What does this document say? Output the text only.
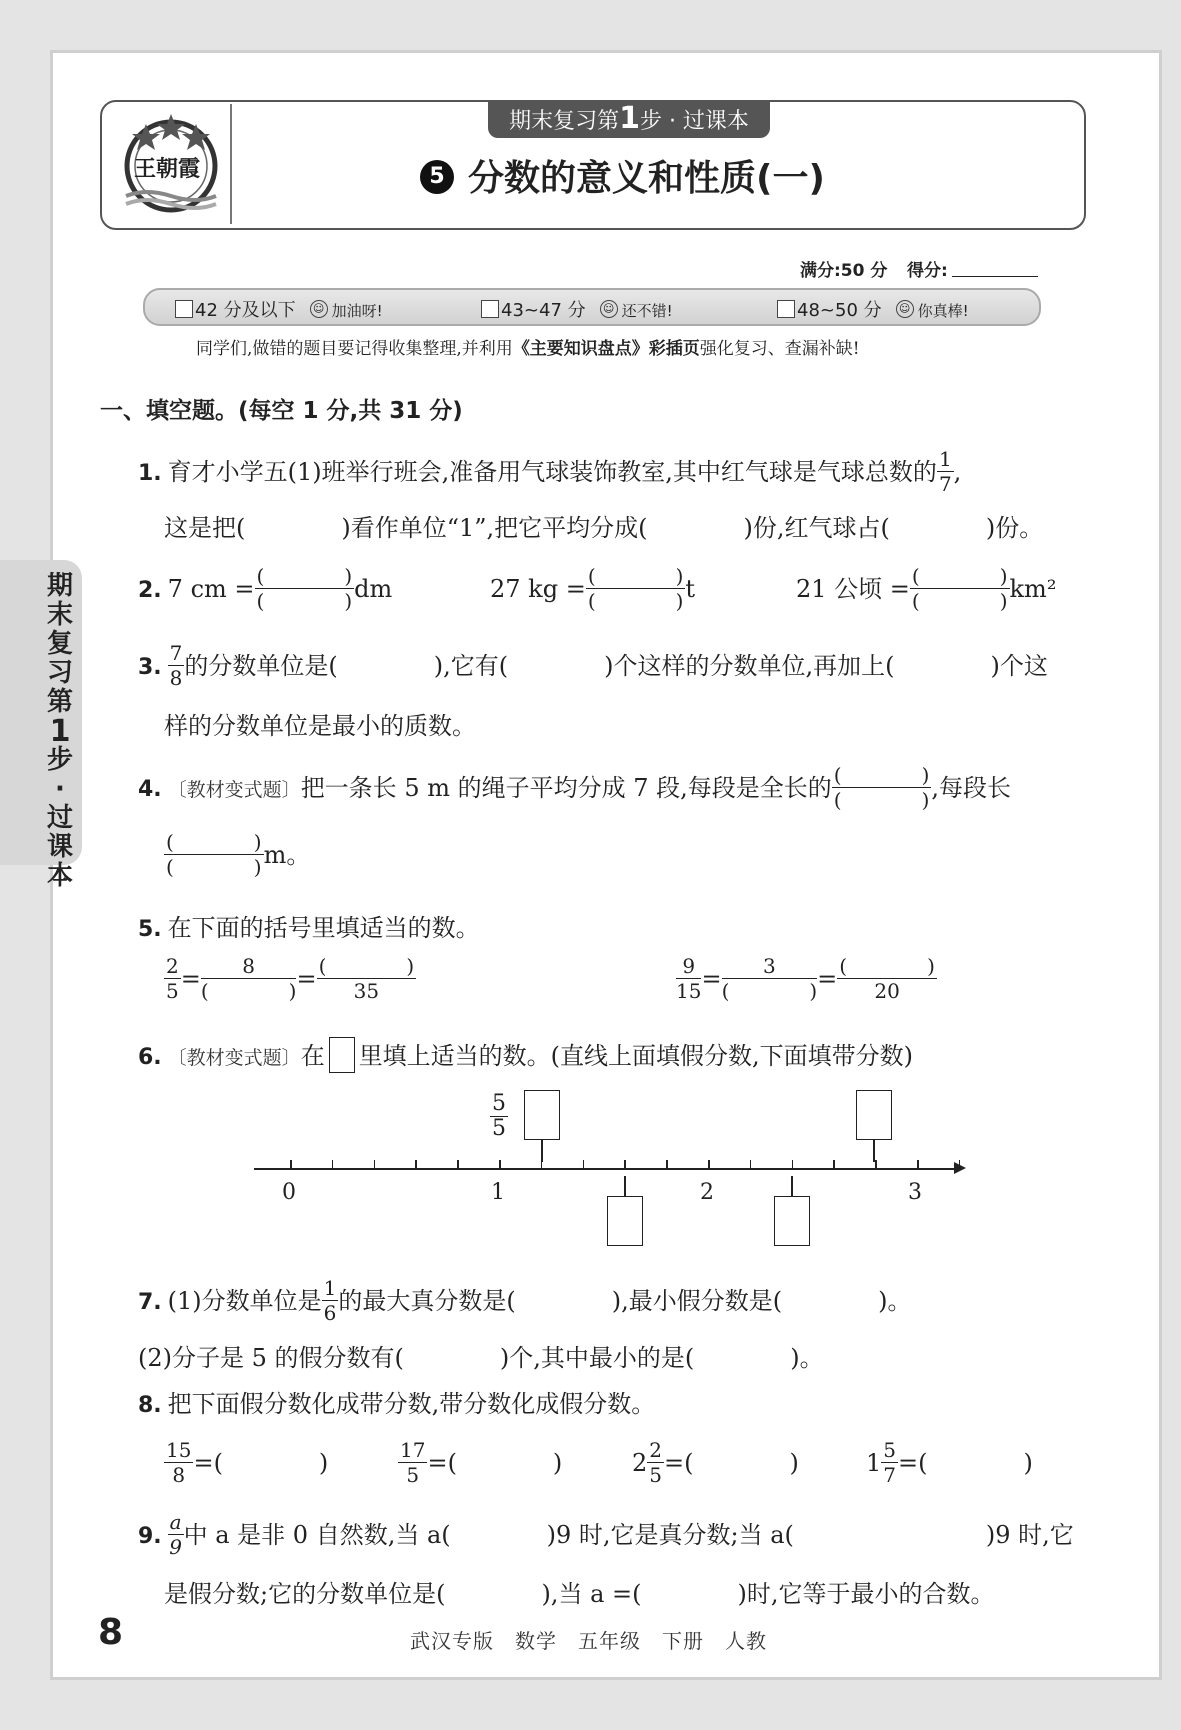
王朝霞
期末复习第1步 · 过课本
5 分数的意义和性质(一)
满分:50 分 得分:
42 分及以下 ☺ 加油呀!	43~47 分 ☺ 还不错!	48~50 分 ☺ 你真棒!
同学们,做错的题目要记得收集整理,并利用《主要知识盘点》彩插页强化复习、查漏补缺!
期
末
复
习
第
1
步
·
过
课
本
一、填空题。(每空 1 分,共 31 分)
1. 育才小学五(1)班举行班会,准备用气球装饰教室,其中红气球是气球总数的 $\frac{1}{7}$ ,
这是把(　　　　)看作单位“1”,把它平均分成(　　　　)份,红气球占(　　　　)份。
2. 7 cm = $\frac{( )}{( )}$ dm	27 kg = $\frac{( )}{( )}$ t	21 公顷 = $\frac{( )}{( )} km^2$
3. $\frac{7}{8}$ 的分数单位是(　　　　),它有(　　　　)个这样的分数单位,再加上(　　　　)个这
样的分数单位是最小的质数。
4. 〔教材变式题〕把一条长 5 m 的绳子平均分成 7 段,每段是全长的 $\frac{( )}{( )}$ ,每段长
$\frac{( )}{( )}$ m。
5. 在下面的括号里填适当的数。
$\frac{2}{5} = \frac{8}{( )} = \frac{( )}{35}$	$\frac{9}{15} = \frac{3}{( )} = \frac{( )}{20}$
6. 〔教材变式题〕在 里填上适当的数。(直线上面填假分数,下面填带分数)
0	1	2	3
$\frac{5}{5}$
7. (1)分数单位是 $\frac{1}{6}$ 的最大真分数是(　　　　),最小假分数是(　　　　)。
(2)分子是 5 的假分数有(　　　　)个,其中最小的是(　　　　)。
8. 把下面假分数化成带分数,带分数化成假分数。
$\frac{15}{8}$ =(　　　　)	$\frac{17}{5}$ =(　　　　)	$2 \frac{2}{5}$ =(　　　　)	$1 \frac{5}{7}$ =(　　　　)
9. $\frac{a}{9}$ 中 a 是非 0 自然数,当 a(　　　　)9 时,它是真分数;当 a(　　　　　　　　)9 时,它
是假分数;它的分数单位是(　　　　),当 a =(　　　　)时,它等于最小的合数。
8	武汉专版　数学　五年级　下册　人教
